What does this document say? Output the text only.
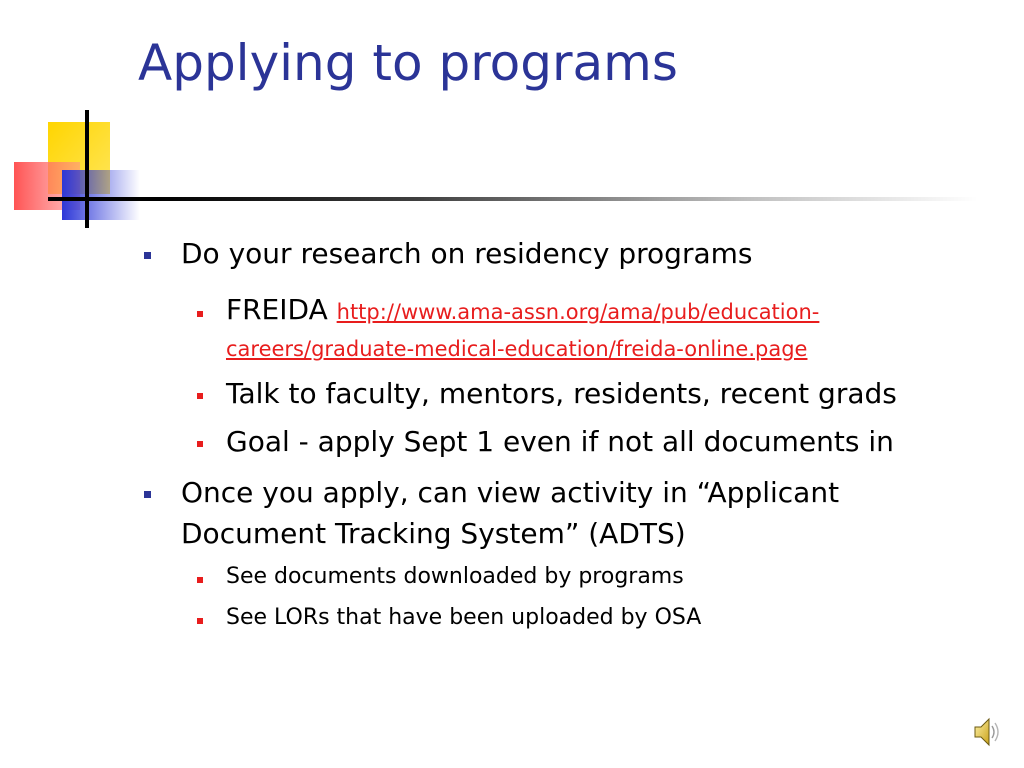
Applying to programs
Do your research on residency programs
FREIDA http://www.ama-assn.org/ama/pub/education-
careers/graduate-medical-education/freida-online.page
Talk to faculty, mentors, residents, recent grads
Goal - apply Sept 1 even if not all documents in
Once you apply, can view activity in “Applicant
Document Tracking System” (ADTS)
See documents downloaded by programs
See LORs that have been uploaded by OSA
